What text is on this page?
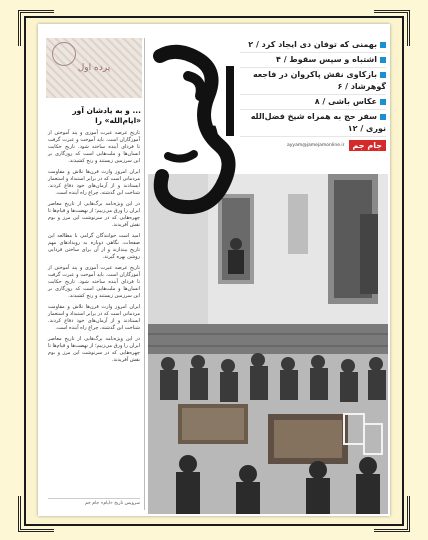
پرده اول
... و به یادشان آور «ایام‌الله» را

تاریخ عرصه عبرت آموزی و پند آموختن از آموزگاران است. باید آموخت و عبرت گرفت تا فردای آینده ساخته شود. تاریخ حکایت انسان‌ها و ملت‌هایی است که روزگاری بر این سرزمین زیستند و رنج کشیدند.

ایران امروز وارث قرن‌ها تلاش و مقاومت مردمانی است که در برابر استبداد و استعمار ایستادند و از آرمان‌های خود دفاع کردند. شناخت این گذشته، چراغ راه آینده است.

در این ویژه‌نامه برگ‌هایی از تاریخ معاصر ایران را ورق می‌زنیم؛ از نهضت‌ها و قیام‌ها تا چهره‌هایی که در سرنوشت این مرز و بوم نقش آفریدند.

امید است خوانندگان گرامی با مطالعه این صفحات، نگاهی دوباره به رویدادهای مهم تاریخ بیندازند و از آن برای ساختن فردایی روشن بهره گیرند.

تاریخ عرصه عبرت آموزی و پند آموختن از آموزگاران است. باید آموخت و عبرت گرفت تا فردای آینده ساخته شود. تاریخ حکایت انسان‌ها و ملت‌هایی است که روزگاری بر این سرزمین زیستند و رنج کشیدند.

ایران امروز وارث قرن‌ها تلاش و مقاومت مردمانی است که در برابر استبداد و استعمار ایستادند و از آرمان‌های خود دفاع کردند. شناخت این گذشته، چراغ راه آینده است.

در این ویژه‌نامه برگ‌هایی از تاریخ معاصر ایران را ورق می‌زنیم؛ از نهضت‌ها و قیام‌ها تا چهره‌هایی که در سرنوشت این مرز و بوم نقش آفریدند.

سرویس تاریخ «ایام» جام جم
۱
بهمنی که توفان دی ایجاد کرد / ۲
اشتباه و سپس سقوط / ۴
بازکاوی نقش پاکروان در فاجعه گوهرشاد / ۶
عکاس باشی / ۸
سفر حج به همراه شیخ فضل‌الله نوری / ۱۲
ayyam@jamejamonline.ir	جام جم
